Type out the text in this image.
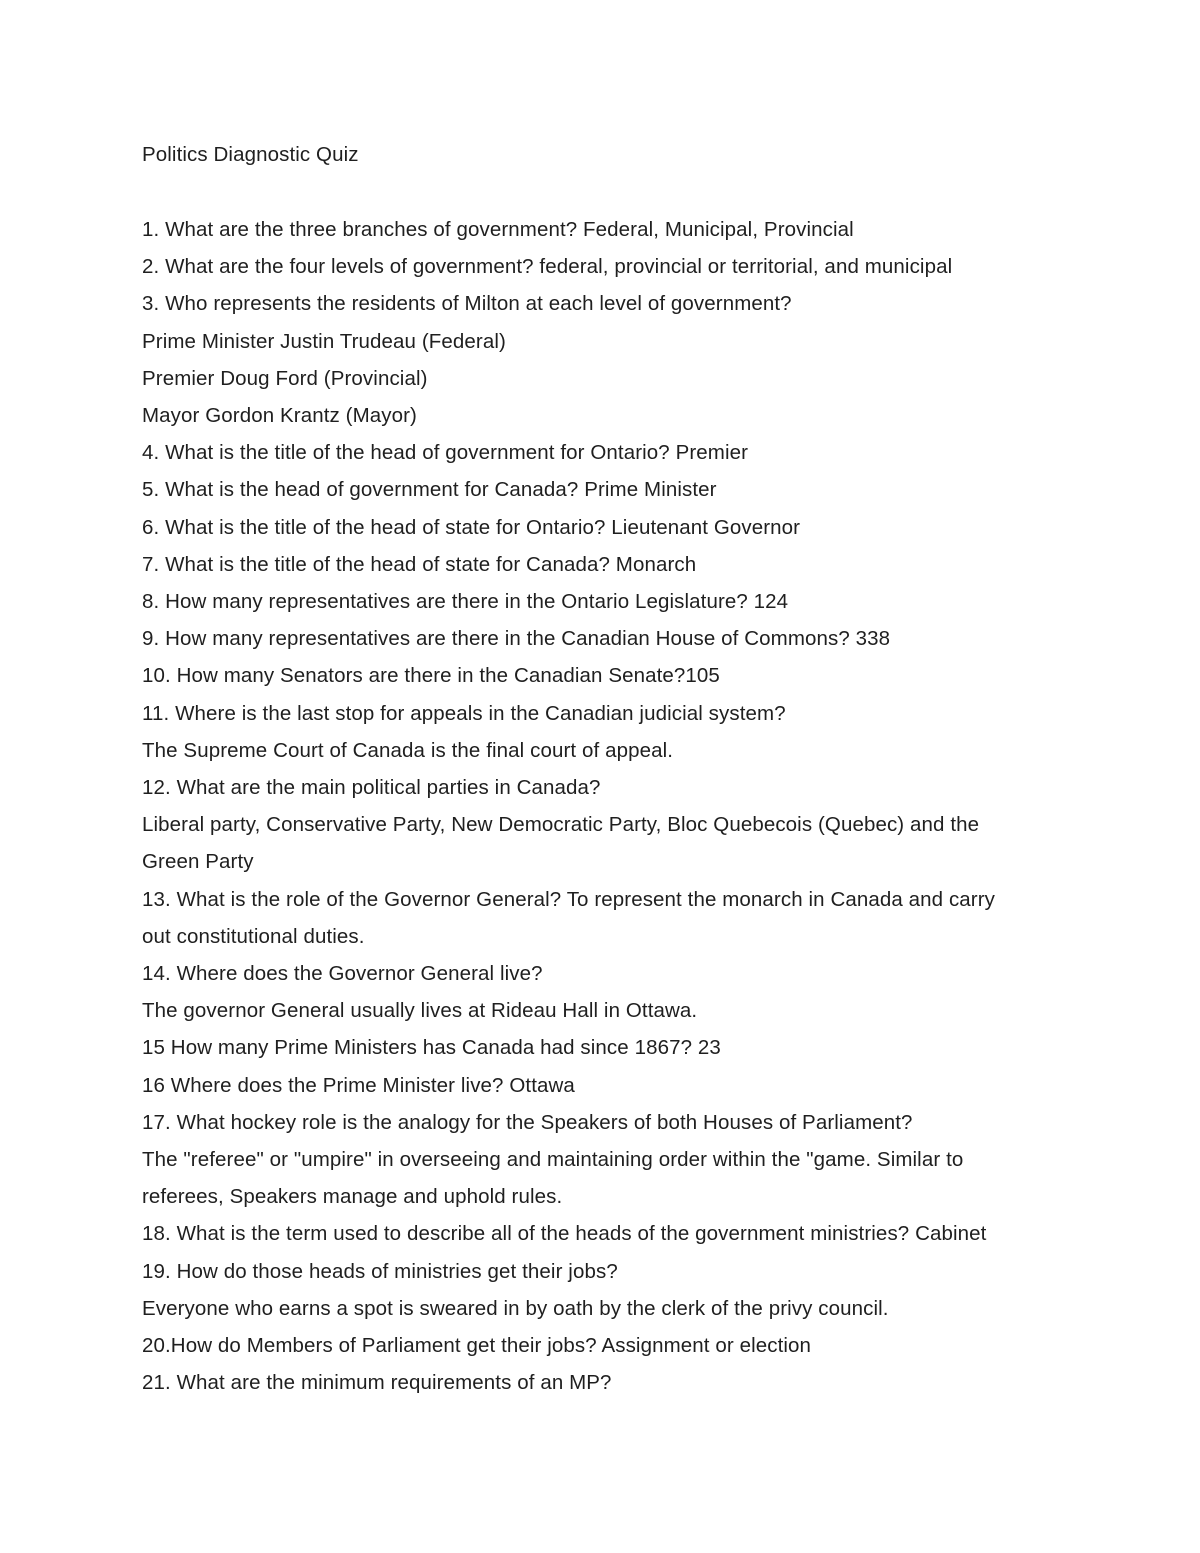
Politics Diagnostic Quiz
1. What are the three branches of government? Federal, Municipal, Provincial
2. What are the four levels of government? federal, provincial or territorial, and municipal
3. Who represents the residents of Milton at each level of government?
Prime Minister Justin Trudeau (Federal)
Premier Doug Ford (Provincial)
Mayor Gordon Krantz (Mayor)
4. What is the title of the head of government for Ontario? Premier
5. What is the head of government for Canada? Prime Minister
6. What is the title of the head of state for Ontario? Lieutenant Governor
7. What is the title of the head of state for Canada? Monarch
8. How many representatives are there in the Ontario Legislature? 124
9. How many representatives are there in the Canadian House of Commons? 338
10. How many Senators are there in the Canadian Senate?105
11. Where is the last stop for appeals in the Canadian judicial system?
The Supreme Court of Canada is the final court of appeal.
12. What are the main political parties in Canada?
Liberal party, Conservative Party, New Democratic Party, Bloc Quebecois (Quebec) and the
Green Party
13. What is the role of the Governor General? To represent the monarch in Canada and carry
out constitutional duties.
14. Where does the Governor General live?
The governor General usually lives at Rideau Hall in Ottawa.
15 How many Prime Ministers has Canada had since 1867? 23
16 Where does the Prime Minister live? Ottawa
17. What hockey role is the analogy for the Speakers of both Houses of Parliament?
The "referee" or "umpire" in overseeing and maintaining order within the "game. Similar to
referees, Speakers manage and uphold rules.
18. What is the term used to describe all of the heads of the government ministries? Cabinet
19. How do those heads of ministries get their jobs?
Everyone who earns a spot is sweared in by oath by the clerk of the privy council.
20.How do Members of Parliament get their jobs? Assignment or election
21. What are the minimum requirements of an MP?
